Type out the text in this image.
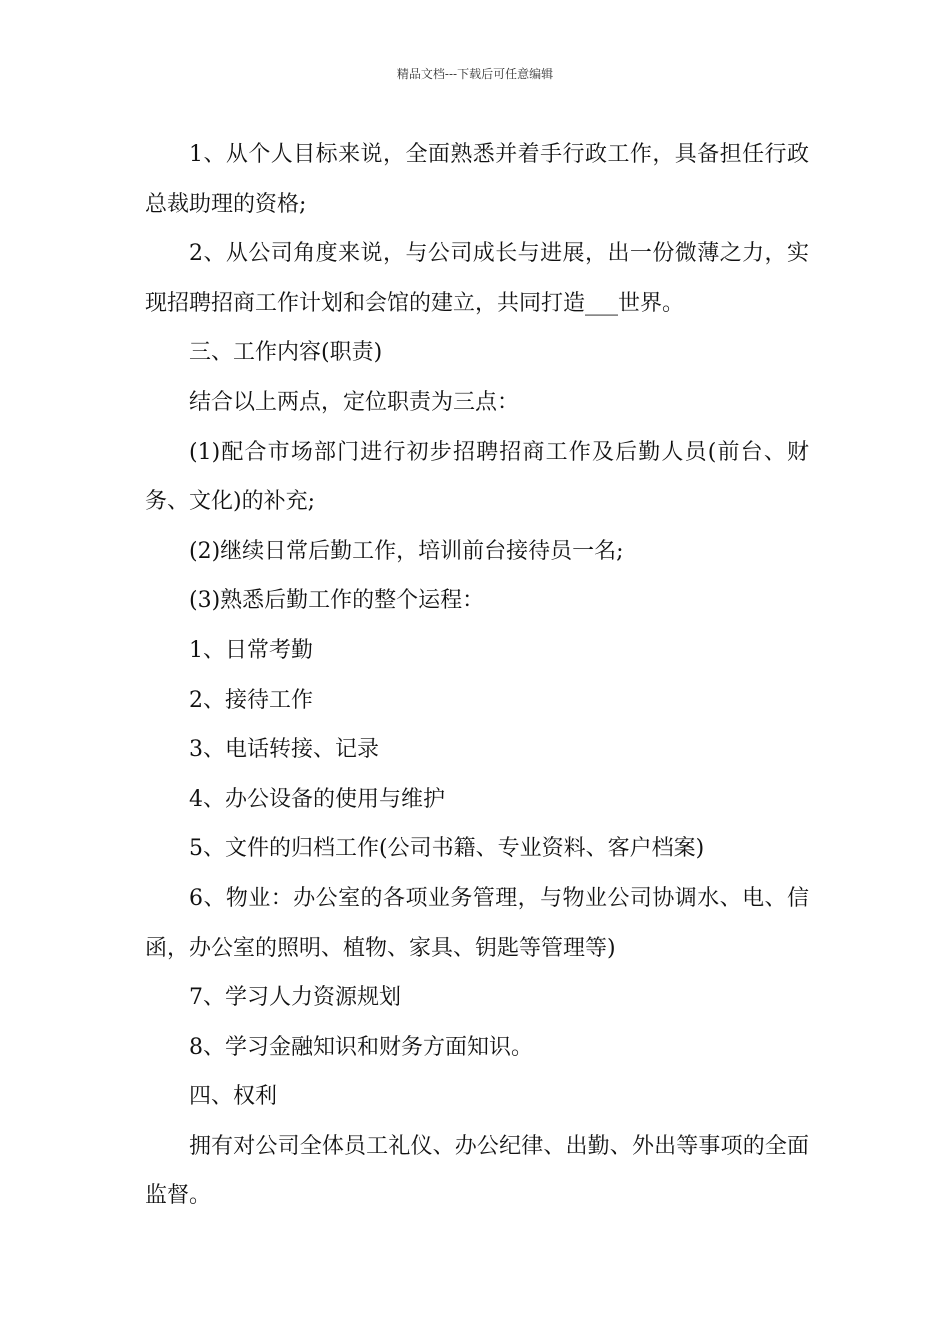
精品文档---下载后可任意编辑

1、从个人目标来说，全面熟悉并着手行政工作，具备担任行政总裁助理的资格;

2、从公司角度来说，与公司成长与进展，出一份微薄之力，实现招聘招商工作计划和会馆的建立，共同打造___世界。

三、工作内容(职责)

结合以上两点，定位职责为三点：

(1)配合市场部门进行初步招聘招商工作及后勤人员(前台、财务、文化)的补充;

(2)继续日常后勤工作，培训前台接待员一名;

(3)熟悉后勤工作的整个运程：

1、日常考勤

2、接待工作

3、电话转接、记录

4、办公设备的使用与维护

5、文件的归档工作(公司书籍、专业资料、客户档案)

6、物业：办公室的各项业务管理，与物业公司协调水、电、信函，办公室的照明、植物、家具、钥匙等管理等)

7、学习人力资源规划

8、学习金融知识和财务方面知识。

四、权利

拥有对公司全体员工礼仪、办公纪律、出勤、外出等事项的全面监督。
